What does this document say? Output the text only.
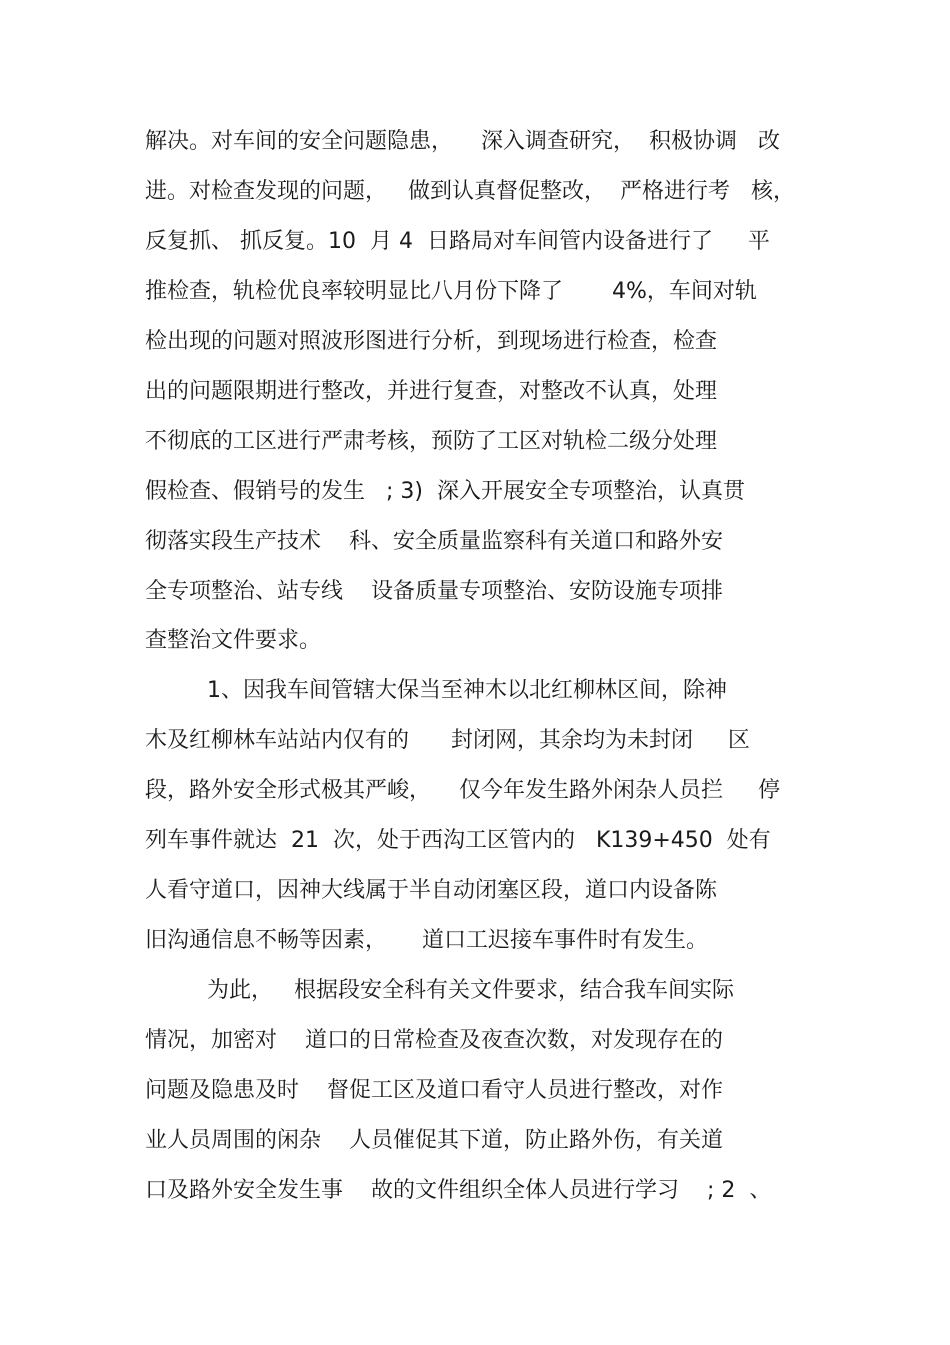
解决。对车间的安全问题隐患，    深入调查研究，  积极协调   改
进。对检查发现的问题，   做到认真督促整改，  严格进行考   核，
反复抓、 抓反复。10  月 4  日路局对车间管内设备进行了     平
推检查，轨检优良率较明显比八月份下降了       4%，车间对轨
检出现的问题对照波形图进行分析，到现场进行检查，检查
出的问题限期进行整改，并进行复查，对整改不认真，处理
不彻底的工区进行严肃考核，预防了工区对轨检二级分处理
假检查、假销号的发生   ; 3)  深入开展安全专项整治，认真贯
彻落实段生产技术    科、安全质量监察科有关道口和路外安
全专项整治、站专线    设备质量专项整治、安防设施专项排
查整治文件要求。
1、因我车间管辖大保当至神木以北红柳林区间，除神
木及红柳林车站站内仅有的      封闭网，其余均为未封闭     区
段，路外安全形式极其严峻，    仅今年发生路外闲杂人员拦     停
列车事件就达  21  次，处于西沟工区管内的   K139+450  处有
人看守道口，因神大线属于半自动闭塞区段，道口内设备陈
旧沟通信息不畅等因素，     道口工迟接车事件时有发生。
为此，   根据段安全科有关文件要求，结合我车间实际
情况，加密对    道口的日常检查及夜查次数，对发现存在的
问题及隐患及时    督促工区及道口看守人员进行整改，对作
业人员周围的闲杂    人员催促其下道，防止路外伤，有关道
口及路外安全发生事    故的文件组织全体人员进行学习    ; 2  、
